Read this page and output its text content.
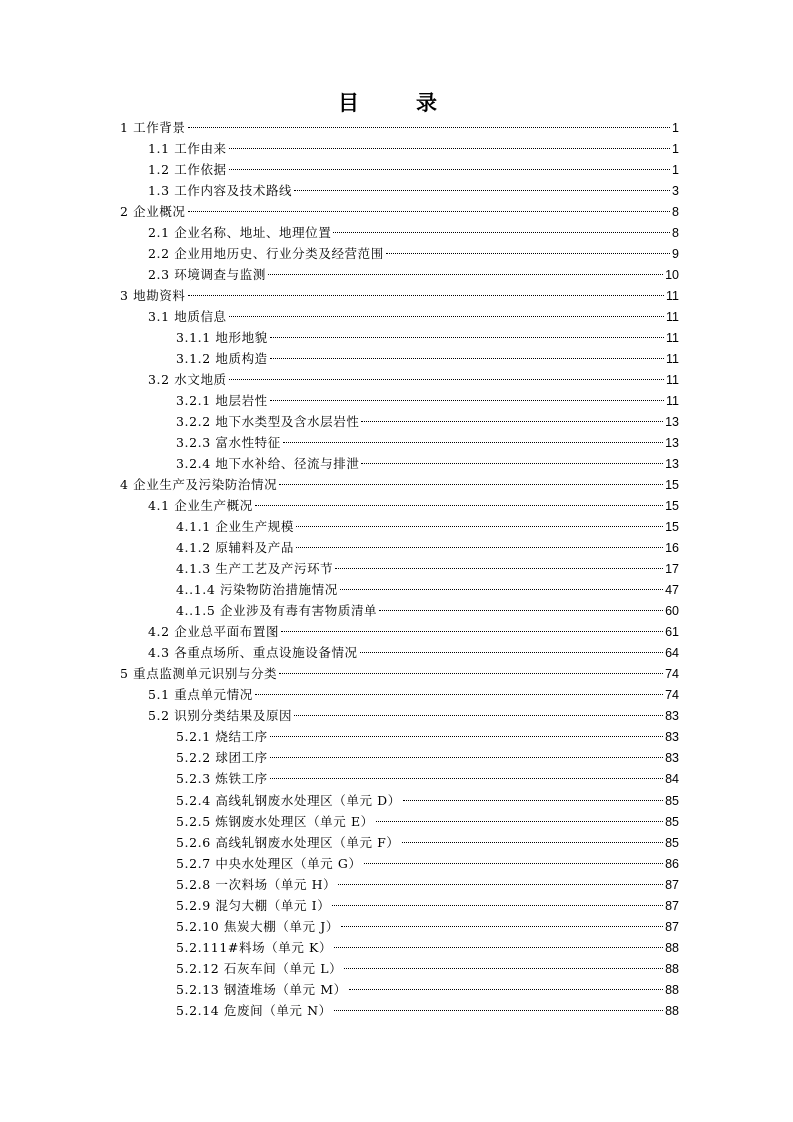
目　录
1 工作背景	1
1.1 工作由来	1
1.2 工作依据	1
1.3 工作内容及技术路线	3
2 企业概况	8
2.1 企业名称、地址、地理位置	8
2.2 企业用地历史、行业分类及经营范围	9
2.3 环境调查与监测	10
3 地勘资料	11
3.1 地质信息	11
3.1.1 地形地貌	11
3.1.2 地质构造	11
3.2 水文地质	11
3.2.1 地层岩性	11
3.2.2 地下水类型及含水层岩性	13
3.2.3 富水性特征	13
3.2.4 地下水补给、径流与排泄	13
4 企业生产及污染防治情况	15
4.1 企业生产概况	15
4.1.1 企业生产规模	15
4.1.2 原辅料及产品	16
4.1.3 生产工艺及产污环节	17
4..1.4 污染物防治措施情况	47
4..1.5 企业涉及有毒有害物质清单	60
4.2 企业总平面布置图	61
4.3 各重点场所、重点设施设备情况	64
5 重点监测单元识别与分类	74
5.1 重点单元情况	74
5.2 识别分类结果及原因	83
5.2.1 烧结工序	83
5.2.2 球团工序	83
5.2.3 炼铁工序	84
5.2.4 高线轧钢废水处理区（单元 D）	85
5.2.5 炼钢废水处理区（单元 E）	85
5.2.6 高线轧钢废水处理区（单元 F）	85
5.2.7 中央水处理区（单元 G）	86
5.2.8 一次料场（单元 H）	87
5.2.9 混匀大棚（单元 I）	87
5.2.10 焦炭大棚（单元 J）	87
5.2.111#料场（单元 K）	88
5.2.12 石灰车间（单元 L）	88
5.2.13 钢渣堆场（单元 M）	88
5.2.14 危废间（单元 N）	88
